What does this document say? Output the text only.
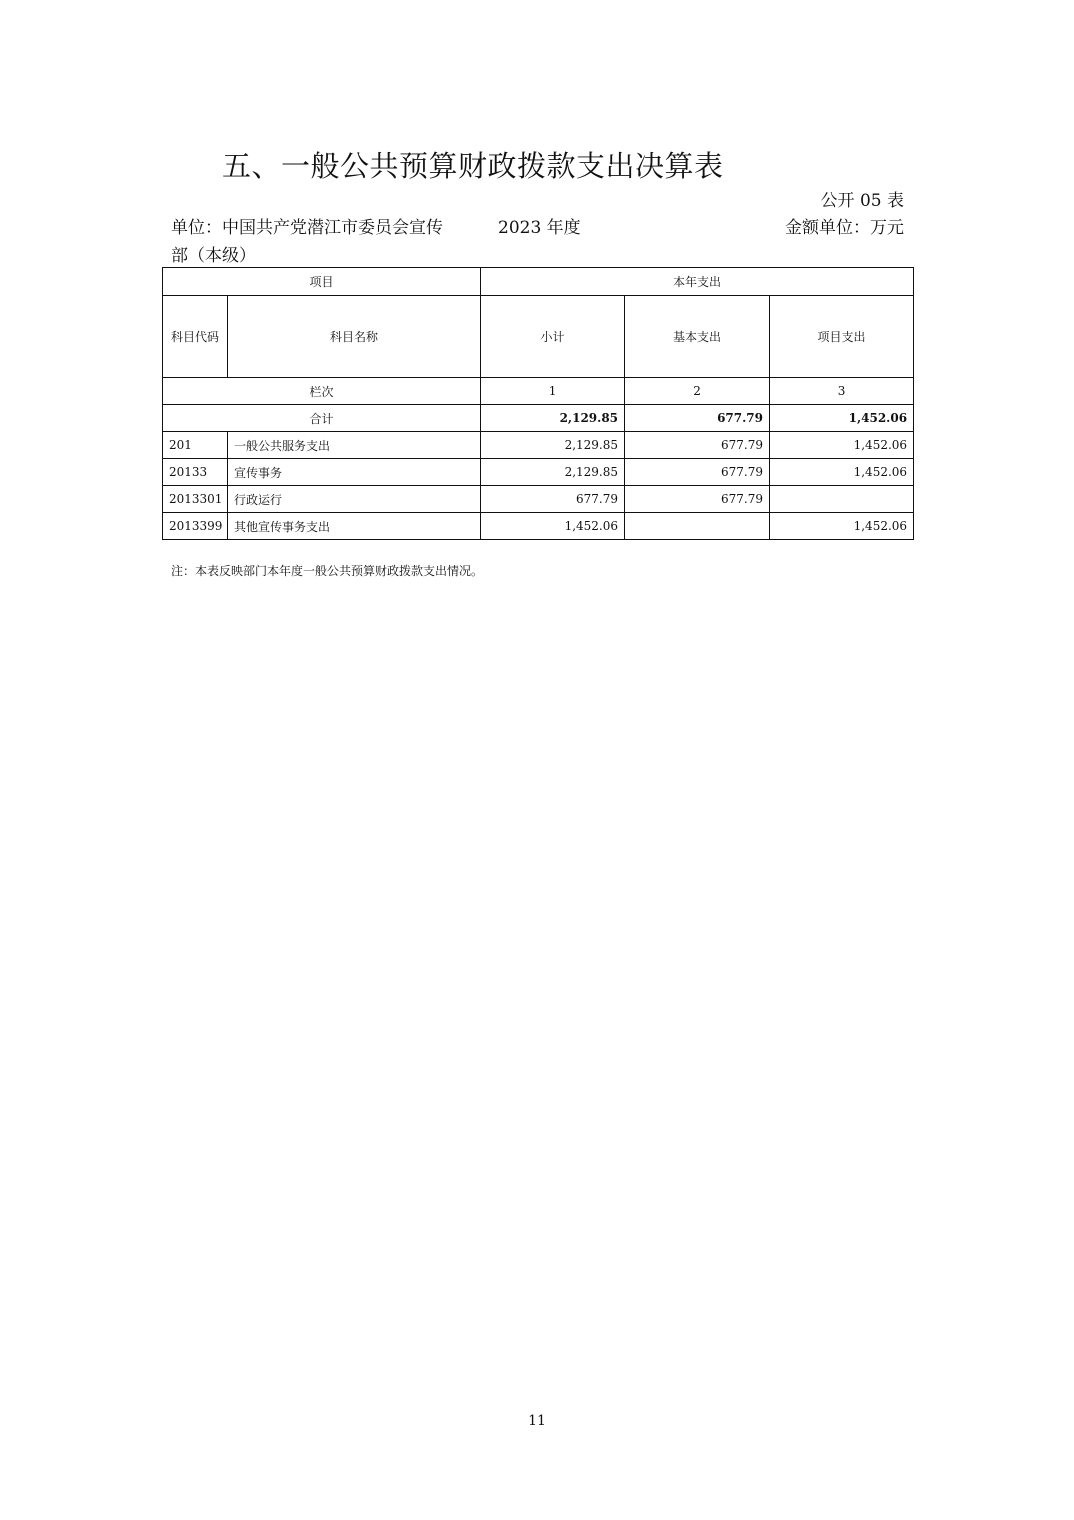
五、一般公共预算财政拨款支出决算表
公开 05 表
单位：中国共产党潜江市委员会宣传部（本级）
2023 年度	金额单位：万元
项目		本年支出		
科目代码	科目名称	小计	基本支出	项目支出
栏次		1	2	3
合计		2,129.85	677.79	1,452.06
201	一般公共服务支出	2,129.85	677.79	1,452.06
20133	宣传事务	2,129.85	677.79	1,452.06
2013301	行政运行	677.79	677.79	
2013399	其他宣传事务支出	1,452.06		1,452.06
注：本表反映部门本年度一般公共预算财政拨款支出情况。
11
